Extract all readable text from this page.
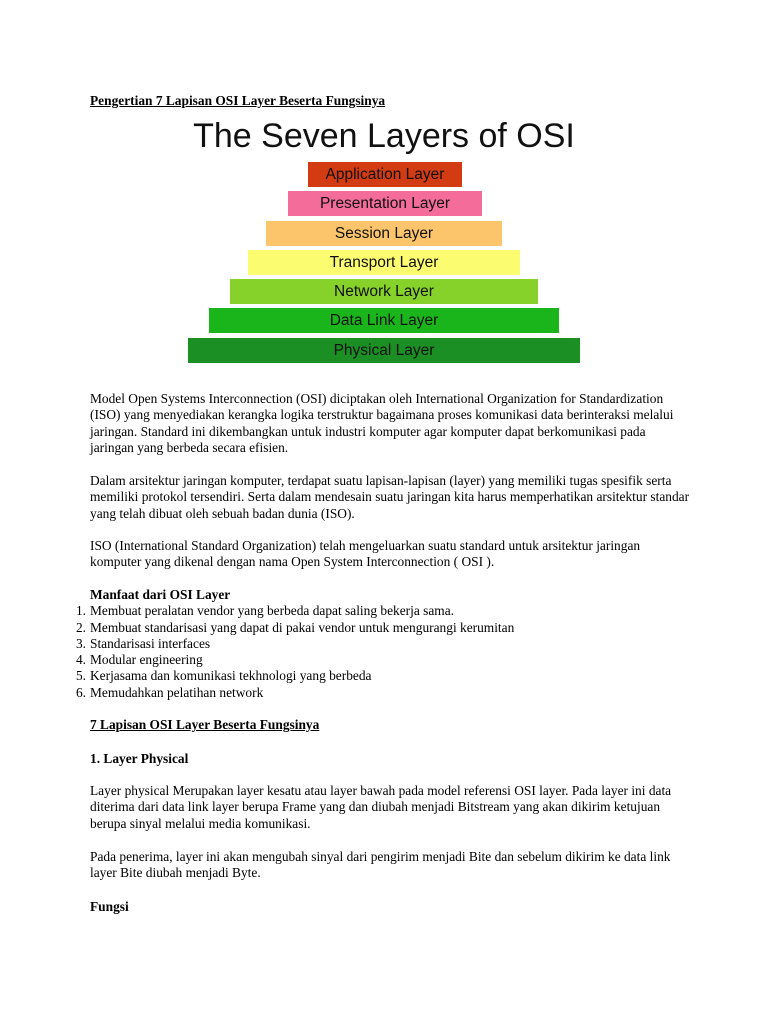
Pengertian 7 Lapisan OSI Layer Beserta Fungsinya
The Seven Layers of OSI
Application Layer
Presentation Layer
Session Layer
Transport Layer
Network Layer
Data Link Layer
Physical Layer

Model Open Systems Interconnection (OSI) diciptakan oleh International Organization for Standardization (ISO) yang menyediakan kerangka logika terstruktur bagaimana proses komunikasi data berinteraksi melalui jaringan. Standard ini dikembangkan untuk industri komputer agar komputer dapat berkomunikasi pada jaringan yang berbeda secara efisien.

Dalam arsitektur jaringan komputer, terdapat suatu lapisan-lapisan (layer) yang memiliki tugas spesifik serta memiliki protokol tersendiri. Serta dalam mendesain suatu jaringan kita harus memperhatikan arsitektur standar yang telah dibuat oleh sebuah badan dunia (ISO).

ISO (International Standard Organization) telah mengeluarkan suatu standard untuk arsitektur jaringan komputer yang dikenal dengan nama Open System Interconnection ( OSI ).

Manfaat dari OSI Layer

1. Membuat peralatan vendor yang berbeda dapat saling bekerja sama.
2. Membuat standarisasi yang dapat di pakai vendor untuk mengurangi kerumitan
3. Standarisasi interfaces
4. Modular engineering
5. Kerjasama dan komunikasi tekhnologi yang berbeda
6. Memudahkan pelatihan network

7 Lapisan OSI Layer Beserta Fungsinya

1. Layer Physical

Layer physical Merupakan layer kesatu atau layer bawah pada model referensi OSI layer. Pada layer ini data diterima dari data link layer berupa Frame yang dan diubah menjadi Bitstream yang akan dikirim ketujuan berupa sinyal melalui media komunikasi.

Pada penerima, layer ini akan mengubah sinyal dari pengirim menjadi Bite dan sebelum dikirim ke data link layer Bite diubah menjadi Byte.

Fungsi
